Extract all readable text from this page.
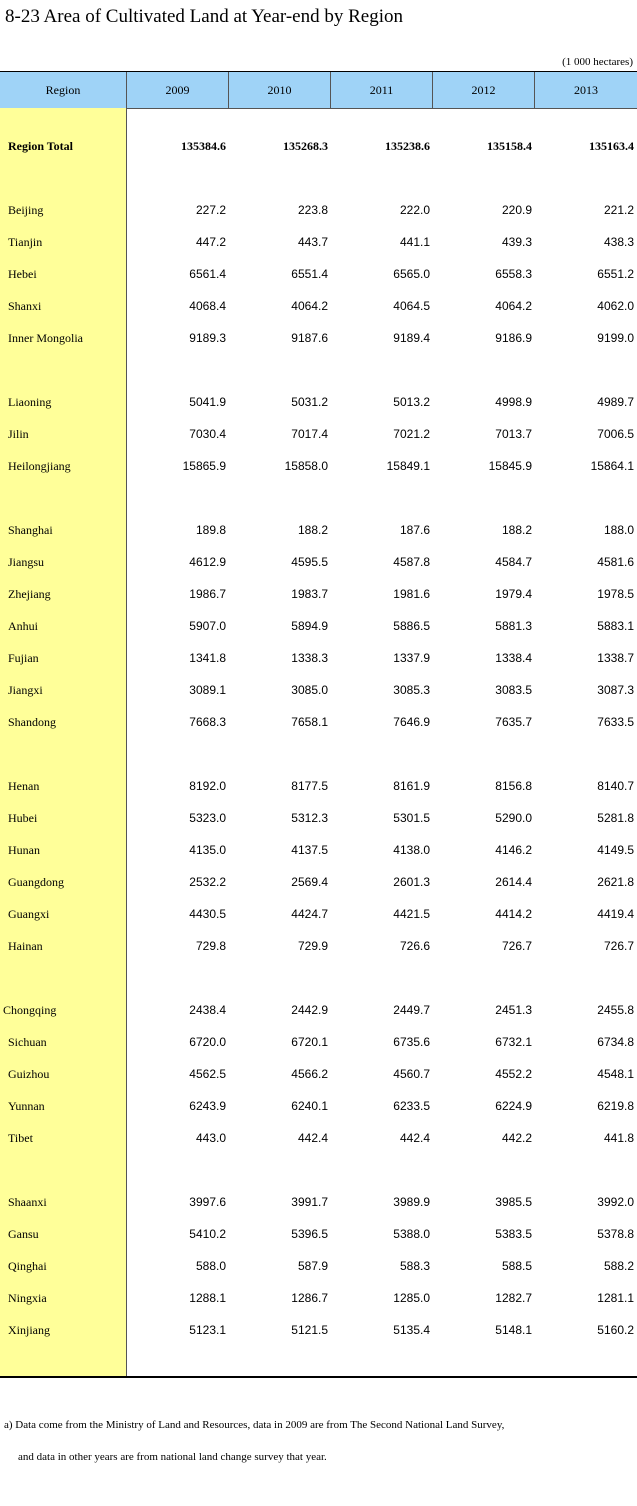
8-23 Area of Cultivated Land at Year-end by Region
(1 000 hectares)
Region	2009	2010	2011	2012	2013
Region Total	135384.6	135268.3	135238.6	135158.4	135163.4
Beijing	227.2	223.8	222.0	220.9	221.2
Tianjin	447.2	443.7	441.1	439.3	438.3
Hebei	6561.4	6551.4	6565.0	6558.3	6551.2
Shanxi	4068.4	4064.2	4064.5	4064.2	4062.0
Inner Mongolia	9189.3	9187.6	9189.4	9186.9	9199.0
Liaoning	5041.9	5031.2	5013.2	4998.9	4989.7
Jilin	7030.4	7017.4	7021.2	7013.7	7006.5
Heilongjiang	15865.9	15858.0	15849.1	15845.9	15864.1
Shanghai	189.8	188.2	187.6	188.2	188.0
Jiangsu	4612.9	4595.5	4587.8	4584.7	4581.6
Zhejiang	1986.7	1983.7	1981.6	1979.4	1978.5
Anhui	5907.0	5894.9	5886.5	5881.3	5883.1
Fujian	1341.8	1338.3	1337.9	1338.4	1338.7
Jiangxi	3089.1	3085.0	3085.3	3083.5	3087.3
Shandong	7668.3	7658.1	7646.9	7635.7	7633.5
Henan	8192.0	8177.5	8161.9	8156.8	8140.7
Hubei	5323.0	5312.3	5301.5	5290.0	5281.8
Hunan	4135.0	4137.5	4138.0	4146.2	4149.5
Guangdong	2532.2	2569.4	2601.3	2614.4	2621.8
Guangxi	4430.5	4424.7	4421.5	4414.2	4419.4
Hainan	729.8	729.9	726.6	726.7	726.7
Chongqing	2438.4	2442.9	2449.7	2451.3	2455.8
Sichuan	6720.0	6720.1	6735.6	6732.1	6734.8
Guizhou	4562.5	4566.2	4560.7	4552.2	4548.1
Yunnan	6243.9	6240.1	6233.5	6224.9	6219.8
Tibet	443.0	442.4	442.4	442.2	441.8
Shaanxi	3997.6	3991.7	3989.9	3985.5	3992.0
Gansu	5410.2	5396.5	5388.0	5383.5	5378.8
Qinghai	588.0	587.9	588.3	588.5	588.2
Ningxia	1288.1	1286.7	1285.0	1282.7	1281.1
Xinjiang	5123.1	5121.5	5135.4	5148.1	5160.2
a) Data come from the Ministry of Land and Resources, data in 2009 are from The Second National Land Survey,
and data in other years are from national land change survey that year.
